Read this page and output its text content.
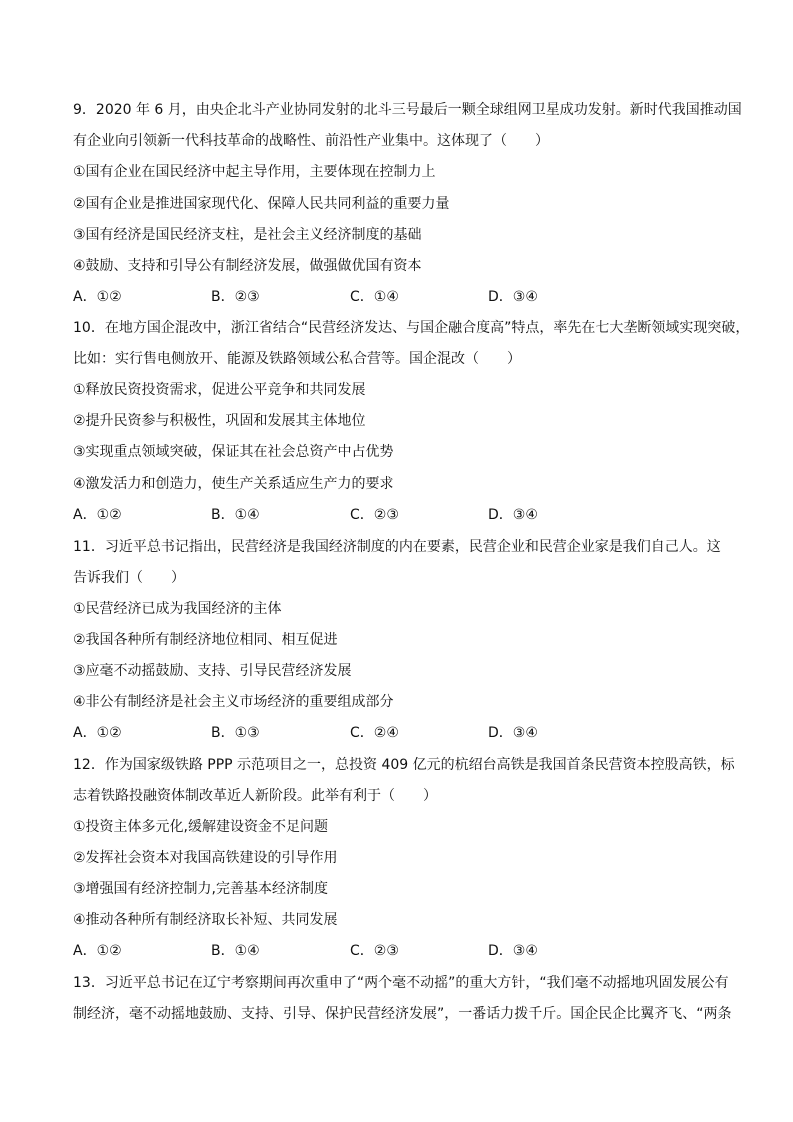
9．2020 年 6 月，由央企北斗产业协同发射的北斗三号最后一颗全球组网卫星成功发射。新时代我国推动国
有企业向引领新一代科技革命的战略性、前沿性产业集中。这体现了（　　）
①国有企业在国民经济中起主导作用，主要体现在控制力上
②国有企业是推进国家现代化、保障人民共同利益的重要力量
③国有经济是国民经济支柱，是社会主义经济制度的基础
④鼓励、支持和引导公有制经济发展，做强做优国有资本
A．①②	B．②③	C．①④	D．③④
10．在地方国企混改中，浙江省结合“民营经济发达、与国企融合度高”特点，率先在七大垄断领域实现突破，
比如：实行售电侧放开、能源及铁路领域公私合营等。国企混改（　　）
①释放民资投资需求，促进公平竞争和共同发展
②提升民资参与积极性，巩固和发展其主体地位
③实现重点领域突破，保证其在社会总资产中占优势
④激发活力和创造力，使生产关系适应生产力的要求
A．①②	B．①④	C．②③	D．③④
11．习近平总书记指出，民营经济是我国经济制度的内在要素，民营企业和民营企业家是我们自己人。这
告诉我们（　　）
①民营经济已成为我国经济的主体
②我国各种所有制经济地位相同、相互促进
③应毫不动摇鼓励、支持、引导民营经济发展
④非公有制经济是社会主义市场经济的重要组成部分
A．①②	B．①③	C．②④	D．③④
12．作为国家级铁路 PPP 示范项目之一，总投资 409 亿元的杭绍台高铁是我国首条民营资本控股高铁，标
志着铁路投融资体制改革近人新阶段。此举有利于（　　）
①投资主体多元化,缓解建设资金不足问题
②发挥社会资本对我国高铁建设的引导作用
③增强国有经济控制力,完善基本经济制度
④推动各种所有制经济取长补短、共同发展
A．①②	B．①④	C．②③	D．③④
13．习近平总书记在辽宁考察期间再次重申了“两个毫不动摇”的重大方针，“我们毫不动摇地巩固发展公有
制经济，毫不动摇地鼓励、支持、引导、保护民营经济发展”，一番话力拨千斤。国企民企比翼齐飞、“两条
